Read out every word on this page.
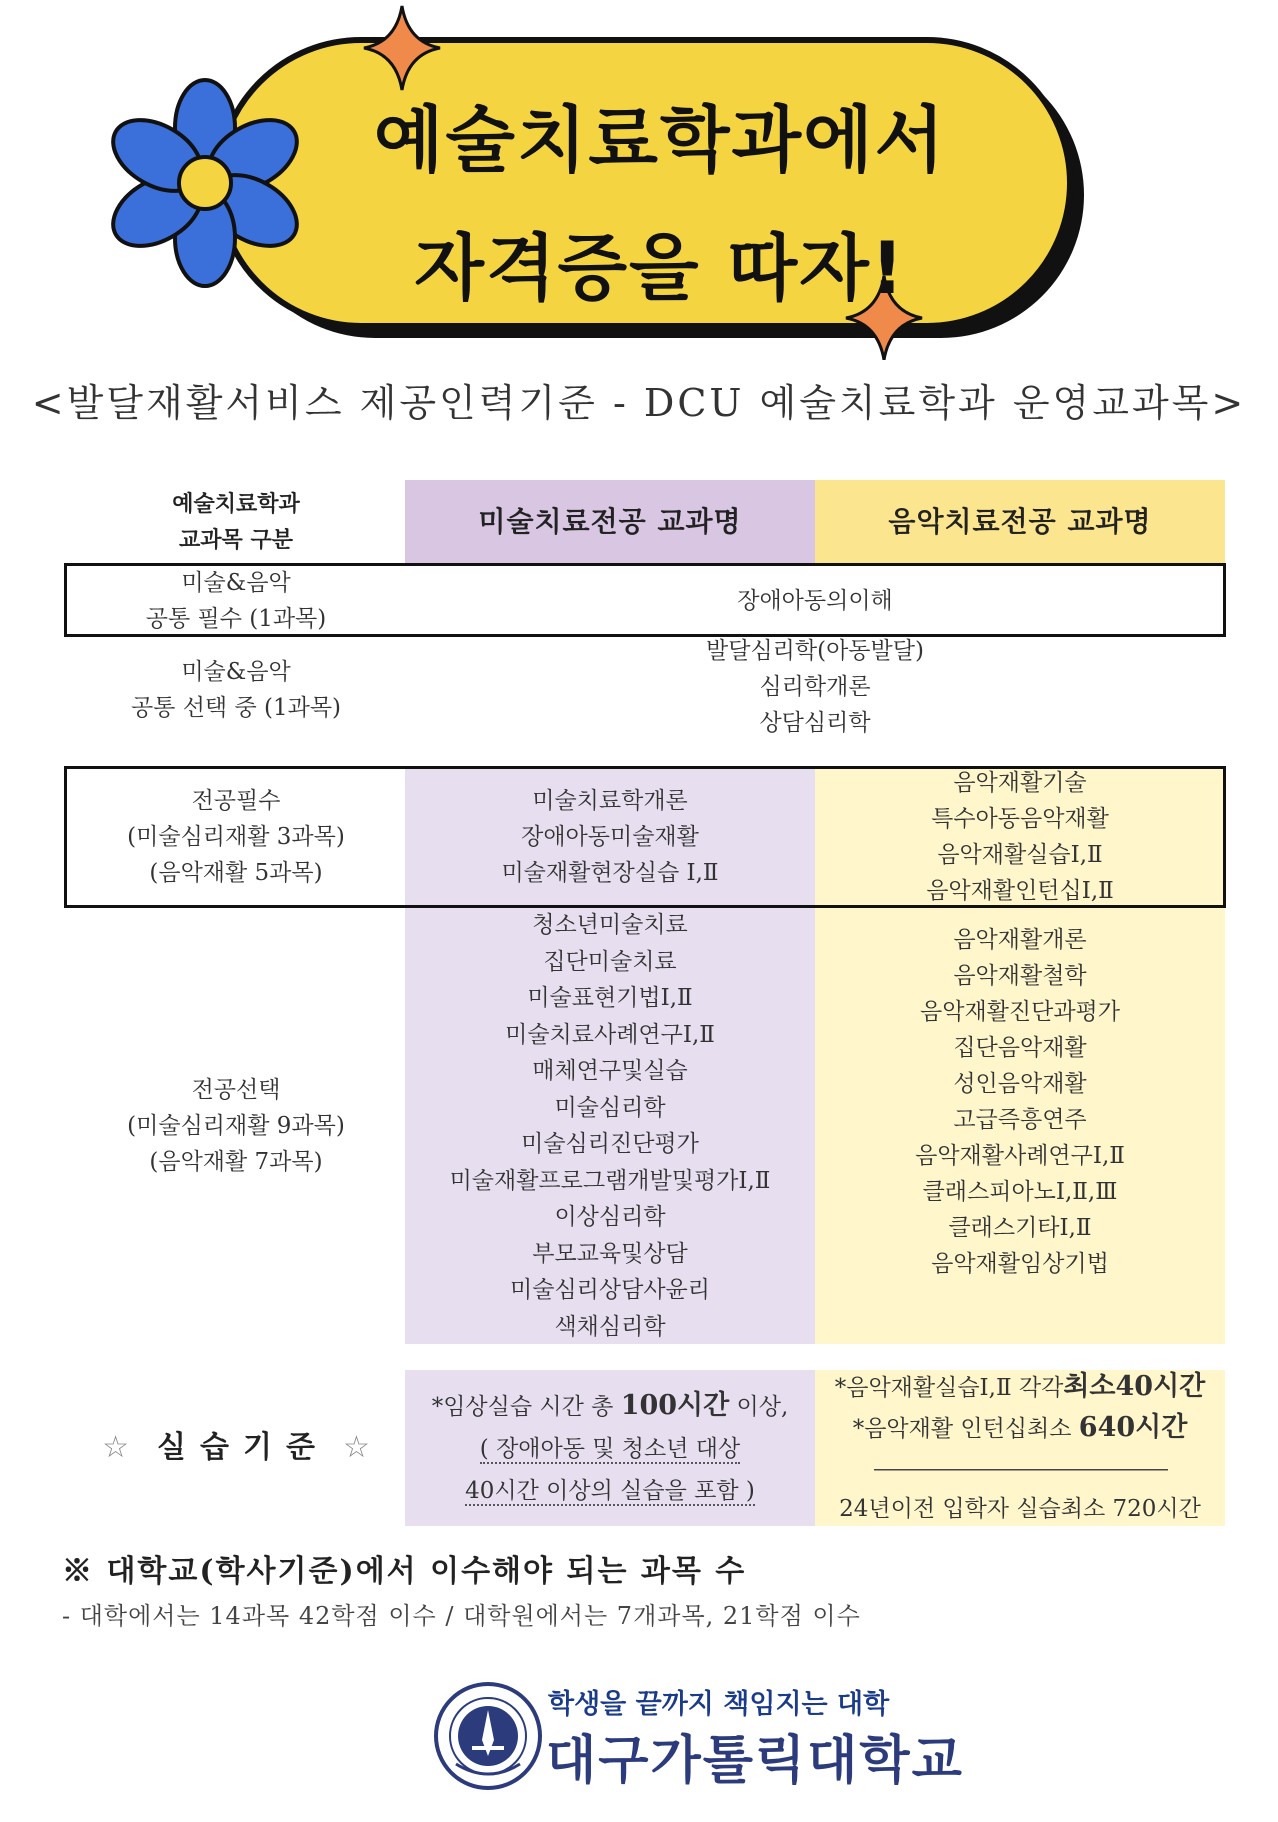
예술치료학과에서
자격증을 따자!
<발달재활서비스 제공인력기준 - DCU 예술치료학과 운영교과목>
예술치료학과
교과목 구분
미술치료전공 교과명	음악치료전공 교과명
미술&음악
공통 필수 (1과목)
장애아동의이해
미술&음악
공통 선택 중 (1과목)
발달심리학(아동발달)
심리학개론
상담심리학
전공필수
(미술심리재활 3과목)
(음악재활 5과목)
미술치료학개론
장애아동미술재활
미술재활현장실습 Ⅰ,Ⅱ
음악재활기술
특수아동음악재활
음악재활실습Ⅰ,Ⅱ
음악재활인턴십Ⅰ,Ⅱ
전공선택
(미술심리재활 9과목)
(음악재활 7과목)
청소년미술치료
집단미술치료
미술표현기법Ⅰ,Ⅱ
미술치료사례연구Ⅰ,Ⅱ
매체연구및실습
미술심리학
미술심리진단평가
미술재활프로그램개발및평가Ⅰ,Ⅱ
이상심리학
부모교육및상담
미술심리상담사윤리
색채심리학
음악재활개론
음악재활철학
음악재활진단과평가
집단음악재활
성인음악재활
고급즉흥연주
음악재활사례연구Ⅰ,Ⅱ
클래스피아노Ⅰ,Ⅱ,Ⅲ
클래스기타Ⅰ,Ⅱ
음악재활임상기법
☆ 실습기준 ☆
*임상실습 시간 총 100시간 이상,
( 장애아동 및 청소년 대상
40시간 이상의 실습을 포함 )
*음악재활실습Ⅰ,Ⅱ 각각최소40시간
*음악재활 인턴십최소 640시간
——————————————
24년이전 입학자 실습최소 720시간
※ 대학교(학사기준)에서 이수해야 되는 과목 수
- 대학에서는 14과목 42학점 이수 / 대학원에서는 7개과목, 21학점 이수
학생을 끝까지 책임지는 대학
대구가톨릭대학교
